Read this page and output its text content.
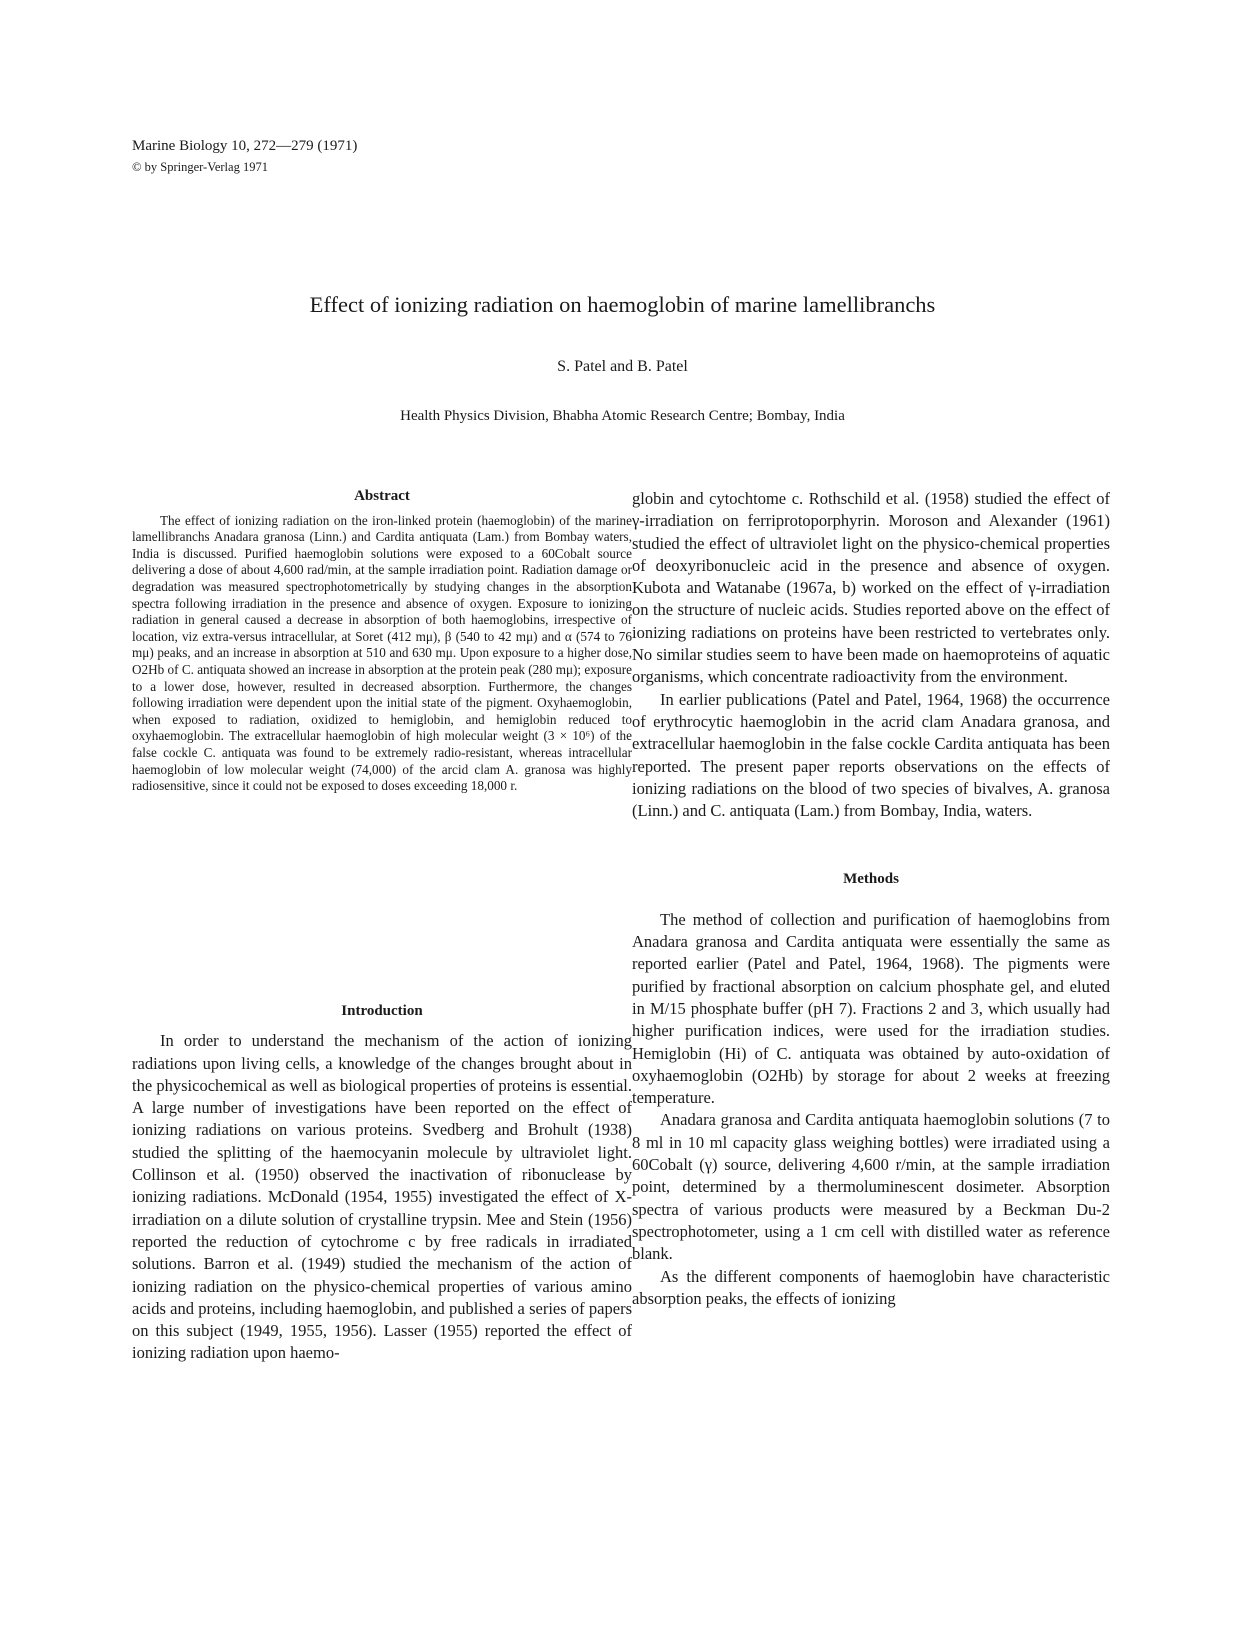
Marine Biology 10, 272—279 (1971)
© by Springer-Verlag 1971
Effect of ionizing radiation on haemoglobin of marine lamellibranchs
S. Patel and B. Patel
Health Physics Division, Bhabha Atomic Research Centre; Bombay, India
Abstract

The effect of ionizing radiation on the iron-linked protein (haemoglobin) of the marine lamellibranchs Anadara granosa (Linn.) and Cardita antiquata (Lam.) from Bombay waters, India is discussed. Purified haemoglobin solutions were exposed to a 60Cobalt source delivering a dose of about 4,600 rad/min, at the sample irradiation point. Radiation damage or degradation was measured spectrophotometrically by studying changes in the absorption spectra following irradiation in the presence and absence of oxygen. Exposure to ionizing radiation in general caused a decrease in absorption of both haemoglobins, irrespective of location, viz extra-versus intracellular, at Soret (412 mμ), β (540 to 42 mμ) and α (574 to 76 mμ) peaks, and an increase in absorption at 510 and 630 mμ. Upon exposure to a higher dose, O2Hb of C. antiquata showed an increase in absorption at the protein peak (280 mμ); exposure to a lower dose, however, resulted in decreased absorption. Furthermore, the changes following irradiation were dependent upon the initial state of the pigment. Oxyhaemoglobin, when exposed to radiation, oxidized to hemiglobin, and hemiglobin reduced to oxyhaemoglobin. The extracellular haemoglobin of high molecular weight (3 × 10⁶) of the false cockle C. antiquata was found to be extremely radio-resistant, whereas intracellular haemoglobin of low molecular weight (74,000) of the arcid clam A. granosa was highly radiosensitive, since it could not be exposed to doses exceeding 18,000 r.

Introduction

In order to understand the mechanism of the action of ionizing radiations upon living cells, a knowledge of the changes brought about in the physicochemical as well as biological properties of proteins is essential. A large number of investigations have been reported on the effect of ionizing radiations on various proteins. Svedberg and Brohult (1938) studied the splitting of the haemocyanin molecule by ultraviolet light. Collinson et al. (1950) observed the inactivation of ribonuclease by ionizing radiations. McDonald (1954, 1955) investigated the effect of X-irradiation on a dilute solution of crystalline trypsin. Mee and Stein (1956) reported the reduction of cytochrome c by free radicals in irradiated solutions. Barron et al. (1949) studied the mechanism of the action of ionizing radiation on the physico-chemical properties of various amino acids and proteins, including haemoglobin, and published a series of papers on this subject (1949, 1955, 1956). Lasser (1955) reported the effect of ionizing radiation upon haemo-

globin and cytochtome c. Rothschild et al. (1958) studied the effect of γ-irradiation on ferriprotoporphyrin. Moroson and Alexander (1961) studied the effect of ultraviolet light on the physico-chemical properties of deoxyribonucleic acid in the presence and absence of oxygen. Kubota and Watanabe (1967a, b) worked on the effect of γ-irradiation on the structure of nucleic acids. Studies reported above on the effect of ionizing radiations on proteins have been restricted to vertebrates only. No similar studies seem to have been made on haemoproteins of aquatic organisms, which concentrate radioactivity from the environment.

In earlier publications (Patel and Patel, 1964, 1968) the occurrence of erythrocytic haemoglobin in the acrid clam Anadara granosa, and extracellular haemoglobin in the false cockle Cardita antiquata has been reported. The present paper reports observations on the effects of ionizing radiations on the blood of two species of bivalves, A. granosa (Linn.) and C. antiquata (Lam.) from Bombay, India, waters.

Methods

The method of collection and purification of haemoglobins from Anadara granosa and Cardita antiquata were essentially the same as reported earlier (Patel and Patel, 1964, 1968). The pigments were purified by fractional absorption on calcium phosphate gel, and eluted in M/15 phosphate buffer (pH 7). Fractions 2 and 3, which usually had higher purification indices, were used for the irradiation studies. Hemiglobin (Hi) of C. antiquata was obtained by auto-oxidation of oxyhaemoglobin (O2Hb) by storage for about 2 weeks at freezing temperature.

Anadara granosa and Cardita antiquata haemoglobin solutions (7 to 8 ml in 10 ml capacity glass weighing bottles) were irradiated using a 60Cobalt (γ) source, delivering 4,600 r/min, at the sample irradiation point, determined by a thermoluminescent dosimeter. Absorption spectra of various products were measured by a Beckman Du-2 spectrophotometer, using a 1 cm cell with distilled water as reference blank.

As the different components of haemoglobin have characteristic absorption peaks, the effects of ionizing
